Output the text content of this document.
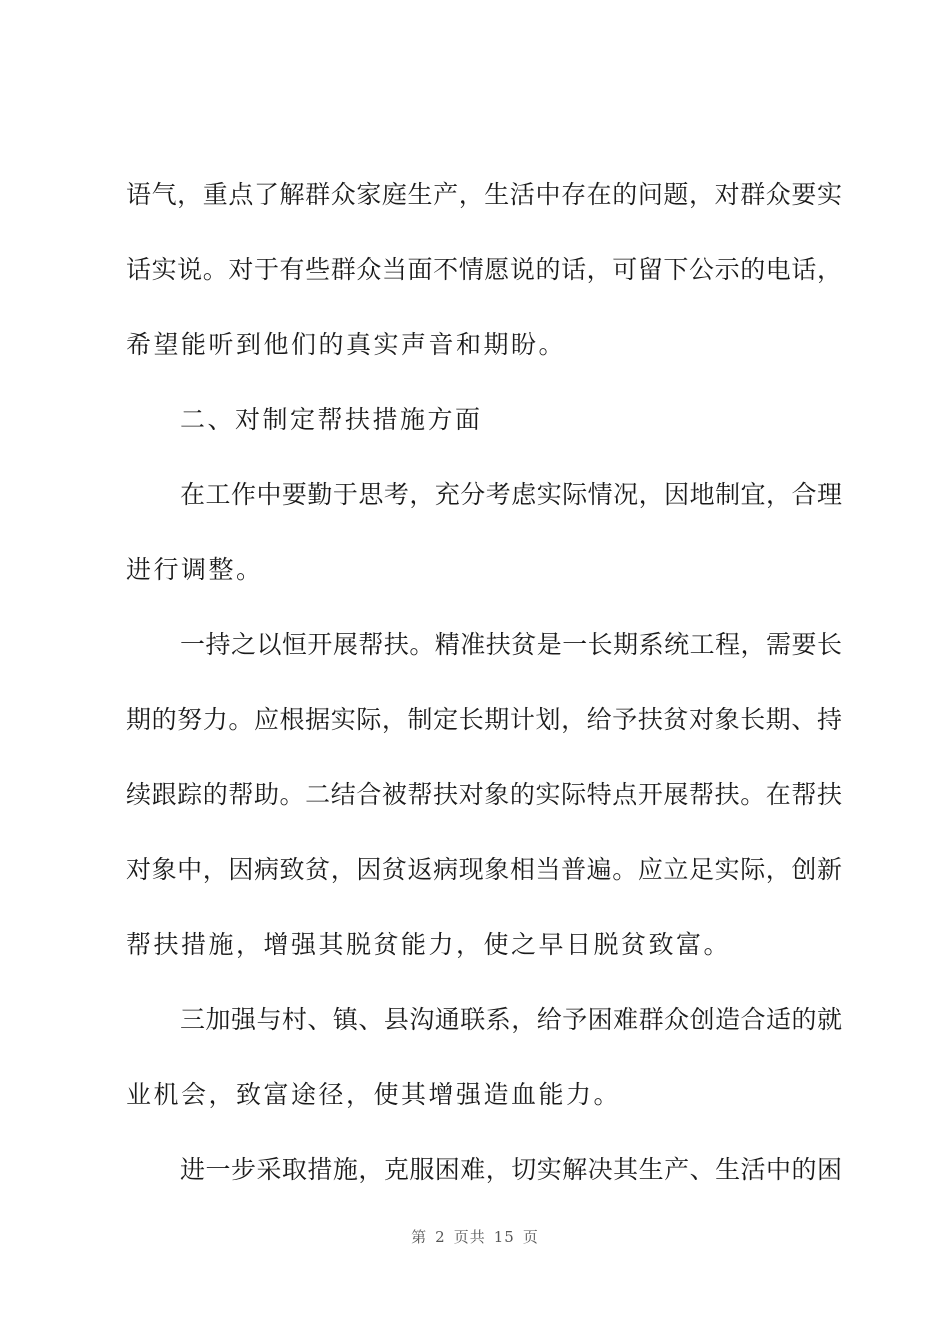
语气，重点了解群众家庭生产，生活中存在的问题，对群众要实
话实说。对于有些群众当面不情愿说的话，可留下公示的电话，
希望能听到他们的真实声音和期盼。
二、对制定帮扶措施方面
在工作中要勤于思考，充分考虑实际情况，因地制宜，合理
进行调整。
一持之以恒开展帮扶。精准扶贫是一长期系统工程，需要长
期的努力。应根据实际，制定长期计划，给予扶贫对象长期、持
续跟踪的帮助。二结合被帮扶对象的实际特点开展帮扶。在帮扶
对象中，因病致贫，因贫返病现象相当普遍。应立足实际，创新
帮扶措施，增强其脱贫能力，使之早日脱贫致富。
三加强与村、镇、县沟通联系，给予困难群众创造合适的就
业机会，致富途径，使其增强造血能力。
进一步采取措施，克服困难，切实解决其生产、生活中的困
第 2 页共 15 页
